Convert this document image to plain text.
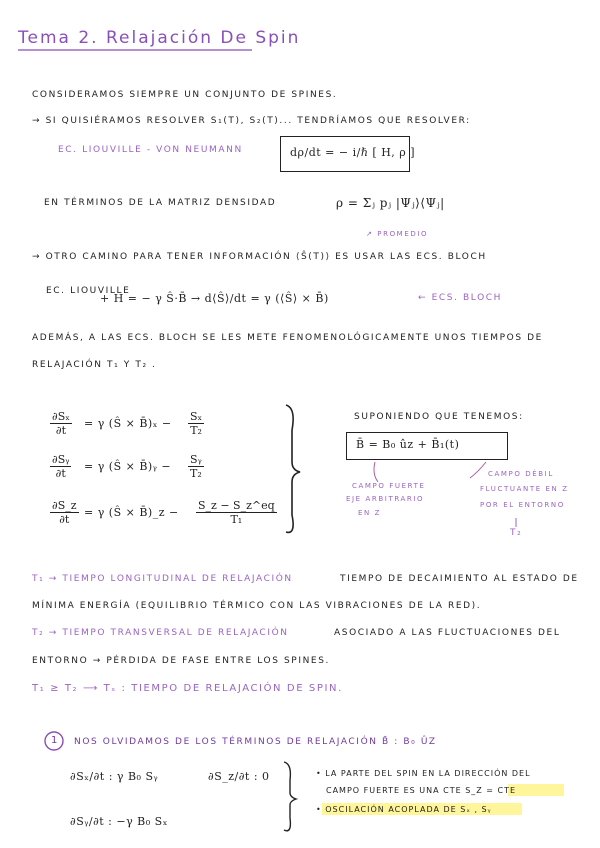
Tema 2. Relajación De Spin
CONSIDERAMOS SIEMPRE UN CONJUNTO DE SPINES.
→ SI QUISIÉRAMOS RESOLVER S₁(T), S₂(T)... TENDRÍAMOS QUE RESOLVER:
EC. LIOUVILLE - VON NEUMANN	dρ/dt = − i/ℏ [ H, ρ ]
EN TÉRMINOS DE LA MATRIZ DENSIDAD	ρ = Σⱼ pⱼ |Ψⱼ⟩⟨Ψⱼ|
↗ PROMEDIO
→ OTRO CAMINO PARA TENER INFORMACIÓN ⟨Ŝ(T)⟩ ES USAR LAS ECS. BLOCH
EC. LIOUVILLE
+ H = − γ Ŝ·B̄ → d⟨Ŝ⟩/dt = γ (⟨Ŝ⟩ × B̄)	← ECS. BLOCH
ADEMÁS, A LAS ECS. BLOCH SE LES METE FENOMENOLÓGICAMENTE UNOS TIEMPOS DE
RELAJACIÓN T₁ Y T₂ .
$\frac{\text{∂Sₓ}}{\partial t} = \gamma$ (Ŝ × B̄)ₓ − $\frac{\text{Sₓ}}{\text{T₂}}$
$\frac{\text{∂Sᵧ}}{\partial t} = \gamma$ (Ŝ × B̄)ᵧ − $\frac{\text{Sᵧ}}{\text{T₂}}$
$\frac{\partial S\_z}{\partial t} = \gamma$ (Ŝ × B̄)_z − $\frac{S\_z - S\_z\^{}eq}{\text{T₁}}$
SUPONIENDO QUE TENEMOS:
B̄ = B₀ ûz + B̄₁(t)
CAMPO FUERTE
EJE ARBITRARIO
EN Z
CAMPO DÉBIL
FLUCTUANTE EN Z
POR EL ENTORNO
T₂
T₁ → TIEMPO LONGITUDINAL DE RELAJACIÓN	TIEMPO DE DECAIMIENTO AL ESTADO DE
MÍNIMA ENERGÍA (EQUILIBRIO TÉRMICO CON LAS VIBRACIONES DE LA RED).
T₂ → TIEMPO TRANSVERSAL DE RELAJACIÓN	ASOCIADO A LAS FLUCTUACIONES DEL
ENTORNO → PÉRDIDA DE FASE ENTRE LOS SPINES.
T₁ ≥ T₂ ⟶ Τₛ : TIEMPO DE RELAJACIÓN DE SPIN.
1 NOS OLVIDAMOS DE LOS TÉRMINOS DE RELAJACIÓN B̄ : B₀ ÛZ
∂Sₓ/∂t : γ B₀ Sᵧ	∂S_z/∂t : 0
∂Sᵧ/∂t : −γ B₀ Sₓ
• LA PARTE DEL SPIN EN LA DIRECCIÓN DEL
CAMPO FUERTE ES UNA CTE S_Z = CTE
• OSCILACIÓN ACOPLADA DE Sₓ , Sᵧ
